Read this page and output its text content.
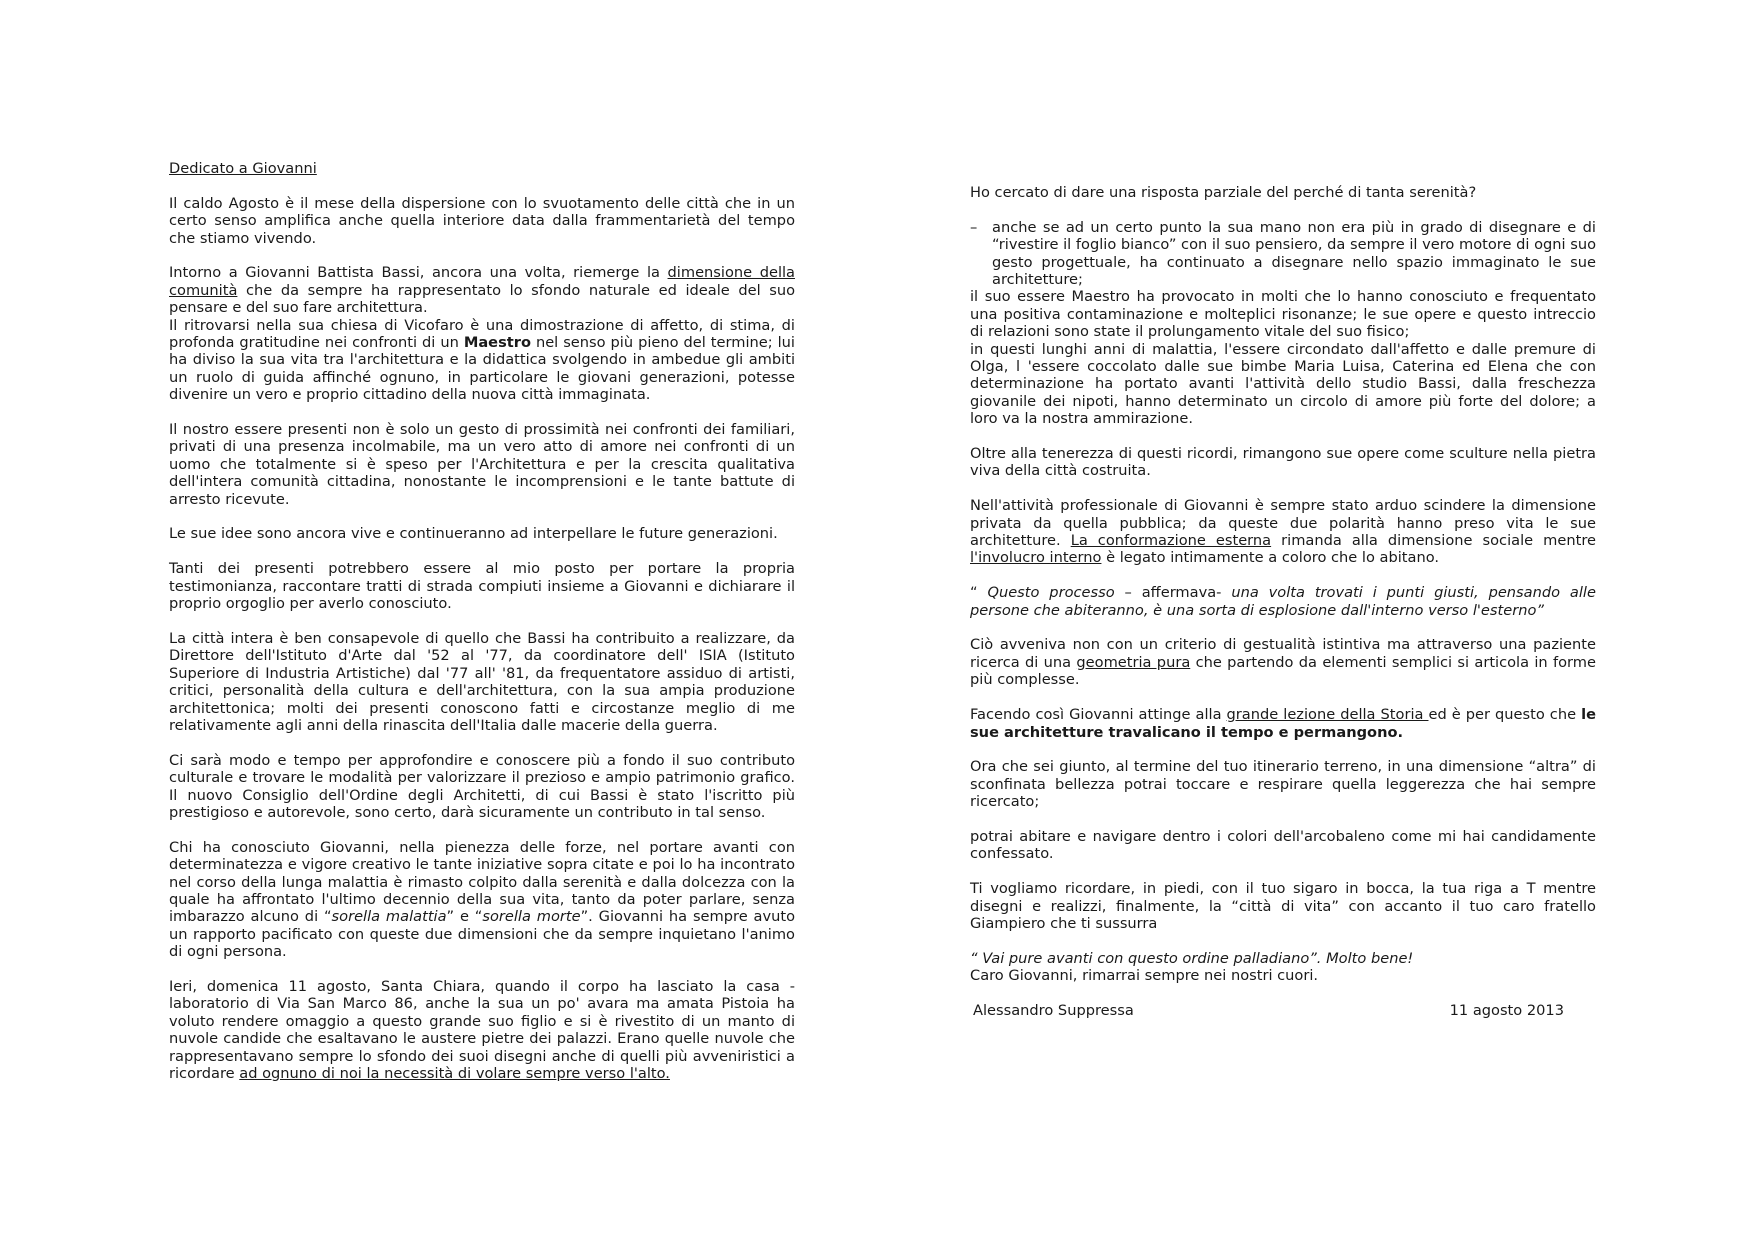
Dedicato a Giovanni

Il caldo Agosto è il mese della dispersione con lo svuotamento delle città che in un certo senso amplifica anche quella interiore data dalla frammentarietà del tempo che stiamo vivendo.

Intorno a Giovanni Battista Bassi, ancora una volta, riemerge la dimensione della comunità che da sempre ha rappresentato lo sfondo naturale ed ideale del suo pensare e del suo fare architettura.

Il ritrovarsi nella sua chiesa di Vicofaro è una dimostrazione di affetto, di stima, di profonda gratitudine nei confronti di un Maestro nel senso più pieno del termine; lui ha diviso la sua vita tra l'architettura e la didattica svolgendo in ambedue gli ambiti un ruolo di guida affinché ognuno, in particolare le giovani generazioni, potesse divenire un vero e proprio cittadino della nuova città immaginata.

Il nostro essere presenti non è solo un gesto di prossimità nei confronti dei familiari, privati di una presenza incolmabile, ma un vero atto di amore nei confronti di un uomo che totalmente si è speso per l'Architettura e per la crescita qualitativa dell'intera comunità cittadina, nonostante le incomprensioni e le tante battute di arresto ricevute.

Le sue idee sono ancora vive e continueranno ad interpellare le future generazioni.

Tanti dei presenti potrebbero essere al mio posto per portare la propria testimonianza, raccontare tratti di strada compiuti insieme a Giovanni e dichiarare il proprio orgoglio per averlo conosciuto.

La città intera è ben consapevole di quello che Bassi ha contribuito a realizzare, da Direttore dell'Istituto d'Arte dal '52 al '77, da coordinatore dell' ISIA (Istituto Superiore di Industria Artistiche) dal '77 all' '81, da frequentatore assiduo di artisti, critici, personalità della cultura e dell'architettura, con la sua ampia produzione architettonica; molti dei presenti conoscono fatti e circostanze meglio di me relativamente agli anni della rinascita dell'Italia dalle macerie della guerra.

Ci sarà modo e tempo per approfondire e conoscere più a fondo il suo contributo culturale e trovare le modalità per valorizzare il prezioso e ampio patrimonio grafico. Il nuovo Consiglio dell'Ordine degli Architetti, di cui Bassi è stato l'iscritto più prestigioso e autorevole, sono certo, darà sicuramente un contributo in tal senso.

Chi ha conosciuto Giovanni, nella pienezza delle forze, nel portare avanti con determinatezza e vigore creativo le tante iniziative sopra citate e poi lo ha incontrato nel corso della lunga malattia è rimasto colpito dalla serenità e dalla dolcezza con la quale ha affrontato l'ultimo decennio della sua vita, tanto da poter parlare, senza imbarazzo alcuno di “sorella malattia” e “sorella morte”. Giovanni ha sempre avuto un rapporto pacificato con queste due dimensioni che da sempre inquietano l'animo di ogni persona.

Ieri, domenica 11 agosto, Santa Chiara, quando il corpo ha lasciato la casa - laboratorio di Via San Marco 86, anche la sua un po' avara ma amata Pistoia ha voluto rendere omaggio a questo grande suo figlio e si è rivestito di un manto di nuvole candide che esaltavano le austere pietre dei palazzi. Erano quelle nuvole che rappresentavano sempre lo sfondo dei suoi disegni anche di quelli più avveniristici a ricordare ad ognuno di noi la necessità di volare sempre verso l'alto.

Ho cercato di dare una risposta parziale del perché di tanta serenità?

–	anche se ad un certo punto la sua mano non era più in grado di disegnare e di “rivestire il foglio bianco” con il suo pensiero, da sempre il vero motore di ogni suo gesto progettuale, ha continuato a disegnare nello spazio immaginato le sue architetture;

il suo essere Maestro ha provocato in molti che lo hanno conosciuto e frequentato una positiva contaminazione e molteplici risonanze; le sue opere e questo intreccio di relazioni sono state il prolungamento vitale del suo fisico;

in questi lunghi anni di malattia, l'essere circondato dall'affetto e dalle premure di Olga, l 'essere coccolato dalle sue bimbe Maria Luisa, Caterina ed Elena che con determinazione ha portato avanti l'attività dello studio Bassi, dalla freschezza giovanile dei nipoti, hanno determinato un circolo di amore più forte del dolore; a loro va la nostra ammirazione.

Oltre alla tenerezza di questi ricordi, rimangono sue opere come sculture nella pietra viva della città costruita.

Nell'attività professionale di Giovanni è sempre stato arduo scindere la dimensione privata da quella pubblica; da queste due polarità hanno preso vita le sue architetture. La conformazione esterna rimanda alla dimensione sociale mentre l'involucro interno è legato intimamente a coloro che lo abitano.

“ Questo processo – affermava- una volta trovati i punti giusti, pensando alle persone che abiteranno, è una sorta di esplosione dall'interno verso l'esterno”

Ciò avveniva non con un criterio di gestualità istintiva ma attraverso una paziente ricerca di una geometria pura che partendo da elementi semplici si articola in forme più complesse.

Facendo così Giovanni attinge alla grande lezione della Storia ed è per questo che le sue architetture travalicano il tempo e permangono.

Ora che sei giunto, al termine del tuo itinerario terreno, in una dimensione “altra” di sconfinata bellezza potrai toccare e respirare quella leggerezza che hai sempre ricercato;

potrai abitare e navigare dentro i colori dell'arcobaleno come mi hai candidamente confessato.

Ti vogliamo ricordare, in piedi, con il tuo sigaro in bocca, la tua riga a T mentre disegni e realizzi, finalmente, la “città di vita” con accanto il tuo caro fratello Giampiero che ti sussurra

“ Vai pure avanti con questo ordine palladiano”. Molto bene!

Caro Giovanni, rimarrai sempre nei nostri cuori.

Alessandro Suppressa	11 agosto 2013
